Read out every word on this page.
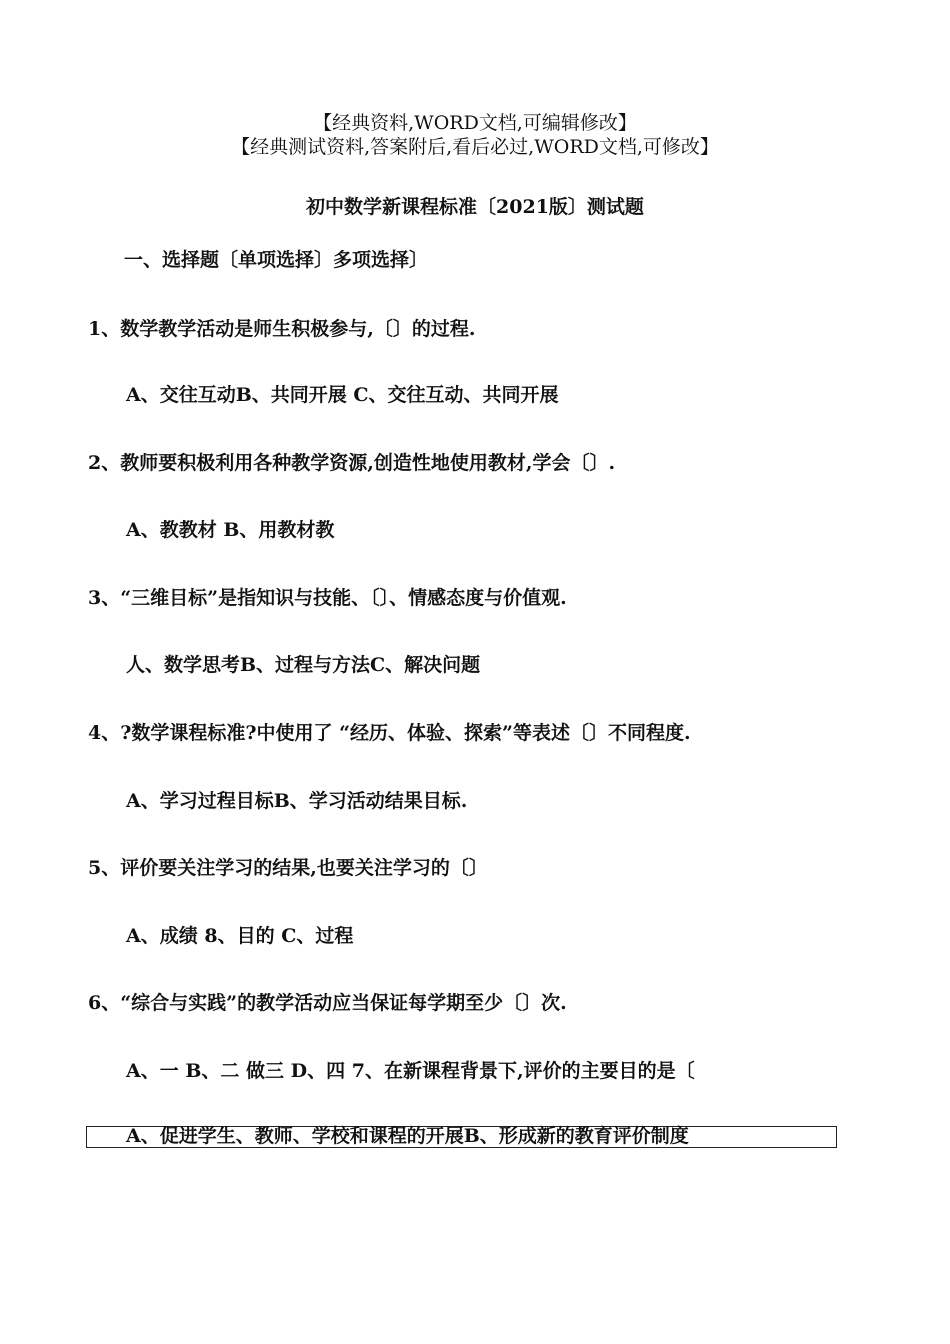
【经典资料,WORD文档,可编辑修改】
【经典测试资料,答案附后,看后必过,WORD文档,可修改】
初中数学新课程标准〔2021版〕测试题
一、选择题〔单项选择〕多项选择〕
1、数学教学活动是师生积极参与,〔〕的过程.
A、交往互动B、共同开展 C、交往互动、共同开展
2、教师要积极利用各种教学资源,创造性地使用教材,学会〔〕.
A、教教材 B、用教材教
3、“三维目标”是指知识与技能、〔〕、情感态度与价值观.
人、数学思考B、过程与方法C、解决问题
4、?数学课程标准?中使用了 “经历、体验、探索”等表述〔〕不同程度.
A、学习过程目标B、学习活动结果目标.
5、评价要关注学习的结果,也要关注学习的〔〕
A、成绩 8、目的 C、过程
6、“综合与实践”的教学活动应当保证每学期至少〔〕次.
A、一 B、二 做三 D、四 7、在新课程背景下,评价的主要目的是〔
A、促进学生、教师、学校和课程的开展B、形成新的教育评价制度
